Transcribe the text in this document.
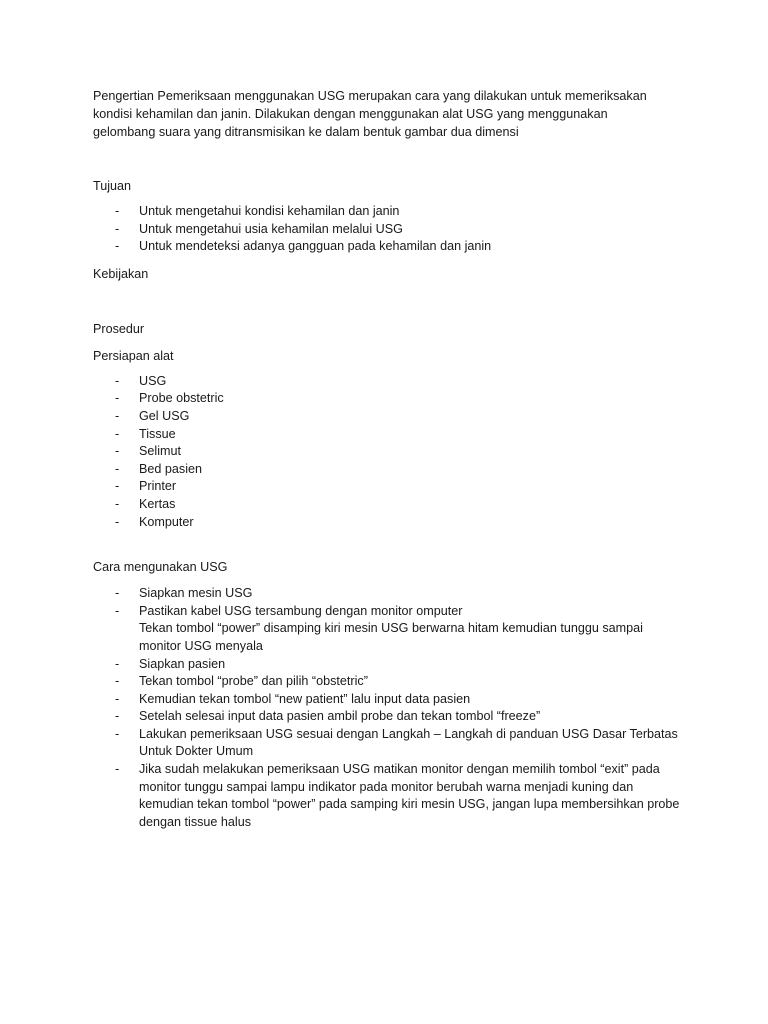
Pengertian Pemeriksaan menggunakan USG merupakan cara yang dilakukan untuk memeriksakan kondisi kehamilan dan janin. Dilakukan dengan menggunakan alat USG yang menggunakan gelombang suara yang ditransmisikan ke dalam bentuk gambar dua dimensi

Tujuan

- Untuk mengetahui kondisi kehamilan dan janin
- Untuk mengetahui usia kehamilan melalui USG
- Untuk mendeteksi adanya gangguan pada kehamilan dan janin

Kebijakan

Prosedur

Persiapan alat

- USG
- Probe obstetric
- Gel USG
- Tissue
- Selimut
- Bed pasien
- Printer
- Kertas
- Komputer

Cara mengunakan USG

- Siapkan mesin USG
- Pastikan kabel USG tersambung dengan monitor omputer
Tekan tombol “power” disamping kiri mesin USG berwarna hitam kemudian tunggu sampai monitor USG menyala
- Siapkan pasien
- Tekan tombol “probe” dan pilih “obstetric”
- Kemudian tekan tombol “new patient” lalu input data pasien
- Setelah selesai input data pasien ambil probe dan tekan tombol “freeze”
- Lakukan pemeriksaan USG sesuai dengan Langkah – Langkah di panduan USG Dasar Terbatas Untuk Dokter Umum
- Jika sudah melakukan pemeriksaan USG matikan monitor dengan memilih tombol “exit” pada monitor tunggu sampai lampu indikator pada monitor berubah warna menjadi kuning dan kemudian tekan tombol “power” pada samping kiri mesin USG, jangan lupa membersihkan probe dengan tissue halus
